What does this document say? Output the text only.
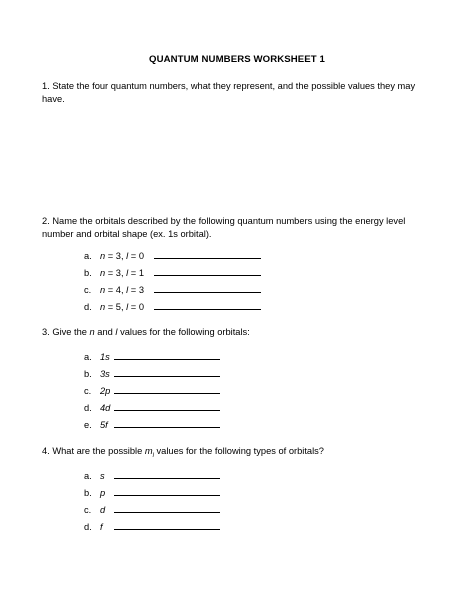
QUANTUM NUMBERS WORKSHEET 1
1. State the four quantum numbers, what they represent, and the possible values they may have.
2. Name the orbitals described by the following quantum numbers using the energy level number and orbital shape (ex. 1s orbital).
a. n = 3, l = 0
b. n = 3, l = 1
c. n = 4, l = 3
d. n = 5, l = 0
3. Give the n and l values for the following orbitals:
a. 1s
b. 3s
c. 2p
d. 4d
e. 5f
4. What are the possible $m_l$ values for the following types of orbitals?
a. s
b. p
c. d
d. f
